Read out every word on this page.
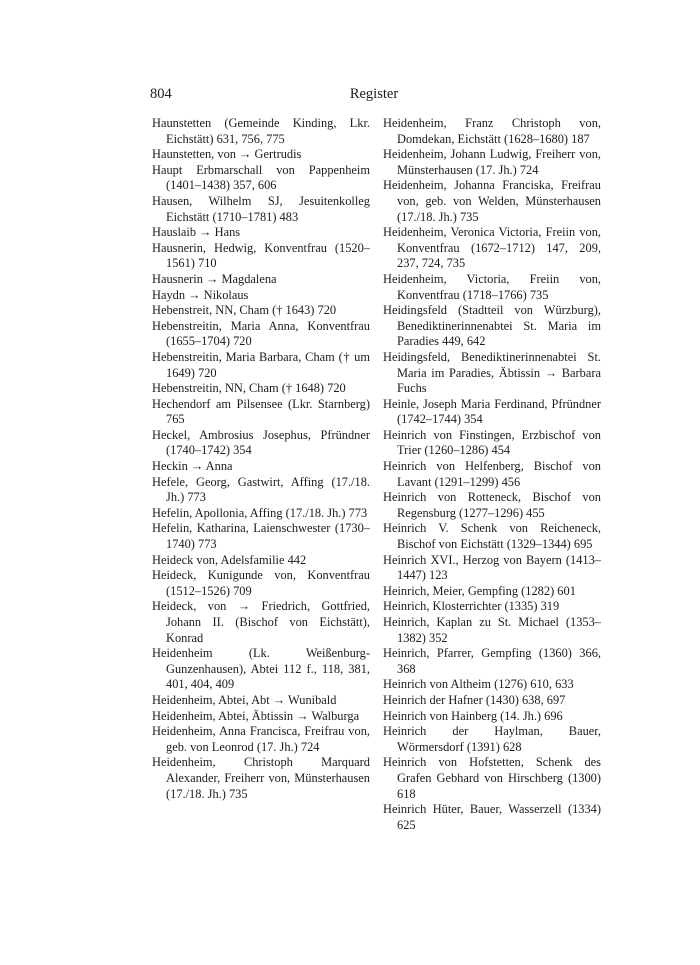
804	Register

Haunstetten (Gemeinde Kinding, Lkr. Eichstätt) 631, 756, 775

Haunstetten, von → Gertrudis

Haupt Erbmarschall von Pappenheim (1401–1438) 357, 606

Hausen, Wilhelm SJ, Jesuitenkolleg Eichstätt (1710–1781) 483

Hauslaib → Hans

Hausnerin, Hedwig, Konventfrau (1520–1561) 710

Hausnerin → Magdalena

Haydn → Nikolaus

Hebenstreit, NN, Cham († 1643) 720

Hebenstreitin, Maria Anna, Konventfrau (1655–1704) 720

Hebenstreitin, Maria Barbara, Cham († um 1649) 720

Hebenstreitin, NN, Cham († 1648) 720

Hechendorf am Pilsensee (Lkr. Starnberg) 765

Heckel, Ambrosius Josephus, Pfründner (1740–1742) 354

Heckin → Anna

Hefele, Georg, Gastwirt, Affing (17./18. Jh.) 773

Hefelin, Apollonia, Affing (17./18. Jh.) 773

Hefelin, Katharina, Laienschwester (1730–1740) 773

Heideck von, Adelsfamilie 442

Heideck, Kunigunde von, Konventfrau (1512–1526) 709

Heideck, von → Friedrich, Gottfried, Johann II. (Bischof von Eichstätt), Konrad

Heidenheim (Lk. Weißenburg-Gunzenhausen), Abtei 112 f., 118, 381, 401, 404, 409

Heidenheim, Abtei, Abt → Wunibald

Heidenheim, Abtei, Äbtissin → Walburga

Heidenheim, Anna Francisca, Freifrau von, geb. von Leonrod (17. Jh.) 724

Heidenheim, Christoph Marquard Alexander, Freiherr von, Münsterhausen (17./18. Jh.) 735

Heidenheim, Franz Christoph von, Domdekan, Eichstätt (1628–1680) 187

Heidenheim, Johann Ludwig, Freiherr von, Münsterhausen (17. Jh.) 724

Heidenheim, Johanna Franciska, Freifrau von, geb. von Welden, Münsterhausen (17./18. Jh.) 735

Heidenheim, Veronica Victoria, Freiin von, Konventfrau (1672–1712) 147, 209, 237, 724, 735

Heidenheim, Victoria, Freiin von, Konventfrau (1718–1766) 735

Heidingsfeld (Stadtteil von Würzburg), Benediktinerinnenabtei St. Maria im Paradies 449, 642

Heidingsfeld, Benediktinerinnenabtei St. Maria im Paradies, Äbtissin → Barbara Fuchs

Heinle, Joseph Maria Ferdinand, Pfründner (1742–1744) 354

Heinrich von Finstingen, Erzbischof von Trier (1260–1286) 454

Heinrich von Helfenberg, Bischof von Lavant (1291–1299) 456

Heinrich von Rotteneck, Bischof von Regensburg (1277–1296) 455

Heinrich V. Schenk von Reicheneck, Bischof von Eichstätt (1329–1344) 695

Heinrich XVI., Herzog von Bayern (1413–1447) 123

Heinrich, Meier, Gempfing (1282) 601

Heinrich, Klosterrichter (1335) 319

Heinrich, Kaplan zu St. Michael (1353–1382) 352

Heinrich, Pfarrer, Gempfing (1360) 366, 368

Heinrich von Altheim (1276) 610, 633

Heinrich der Hafner (1430) 638, 697

Heinrich von Hainberg (14. Jh.) 696

Heinrich der Haylman, Bauer, Wörmersdorf (1391) 628

Heinrich von Hofstetten, Schenk des Grafen Gebhard von Hirschberg (1300) 618

Heinrich Hüter, Bauer, Wasserzell (1334) 625
